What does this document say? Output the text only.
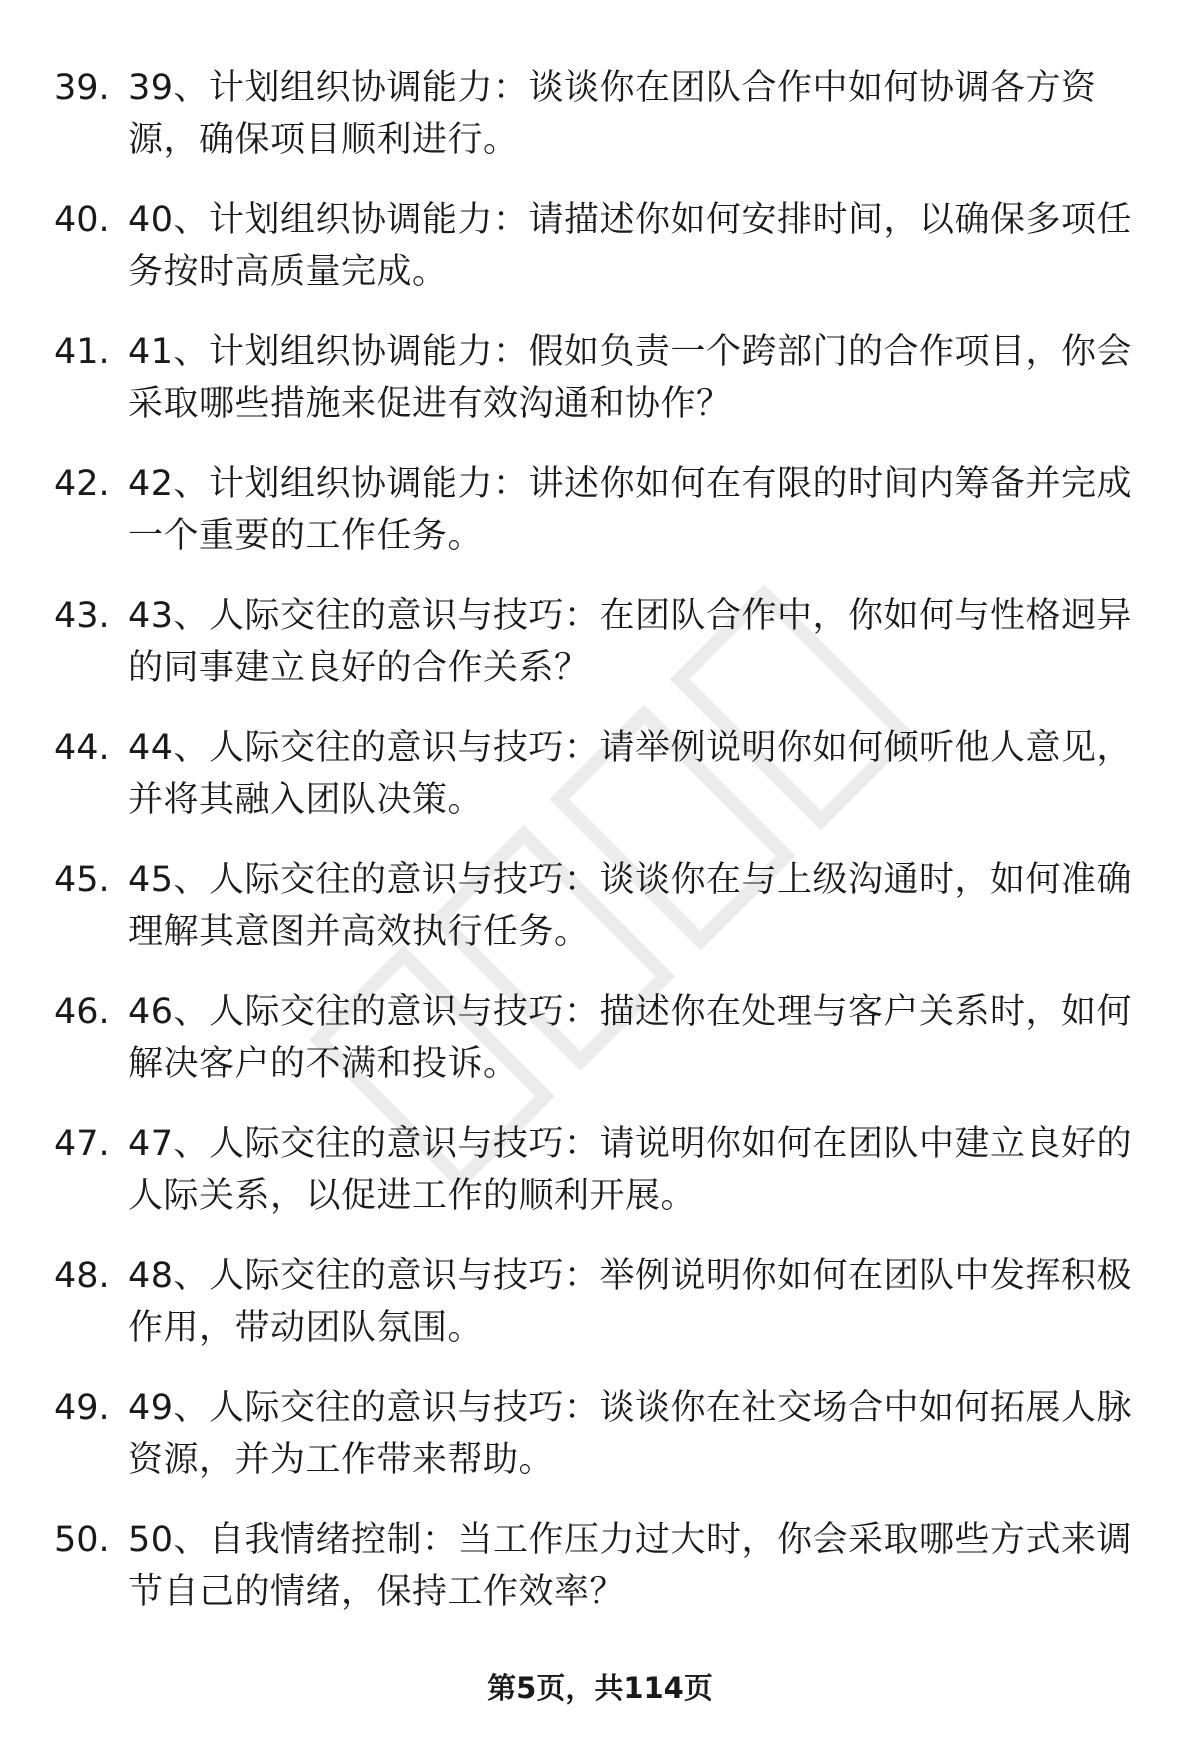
39. 39、计划组织协调能力：谈谈你在团队合作中如何协调各方资源，确保项目顺利进行。
40. 40、计划组织协调能力：请描述你如何安排时间，以确保多项任务按时高质量完成。
41. 41、计划组织协调能力：假如负责一个跨部门的合作项目，你会采取哪些措施来促进有效沟通和协作？
42. 42、计划组织协调能力：讲述你如何在有限的时间内筹备并完成一个重要的工作任务。
43. 43、人际交往的意识与技巧：在团队合作中，你如何与性格迥异的同事建立良好的合作关系？
44. 44、人际交往的意识与技巧：请举例说明你如何倾听他人意见，并将其融入团队决策。
45. 45、人际交往的意识与技巧：谈谈你在与上级沟通时，如何准确理解其意图并高效执行任务。
46. 46、人际交往的意识与技巧：描述你在处理与客户关系时，如何解决客户的不满和投诉。
47. 47、人际交往的意识与技巧：请说明你如何在团队中建立良好的人际关系，以促进工作的顺利开展。
48. 48、人际交往的意识与技巧：举例说明你如何在团队中发挥积极作用，带动团队氛围。
49. 49、人际交往的意识与技巧：谈谈你在社交场合中如何拓展人脉资源，并为工作带来帮助。
50. 50、自我情绪控制：当工作压力过大时，你会采取哪些方式来调节自己的情绪，保持工作效率？
第5页，共114页
